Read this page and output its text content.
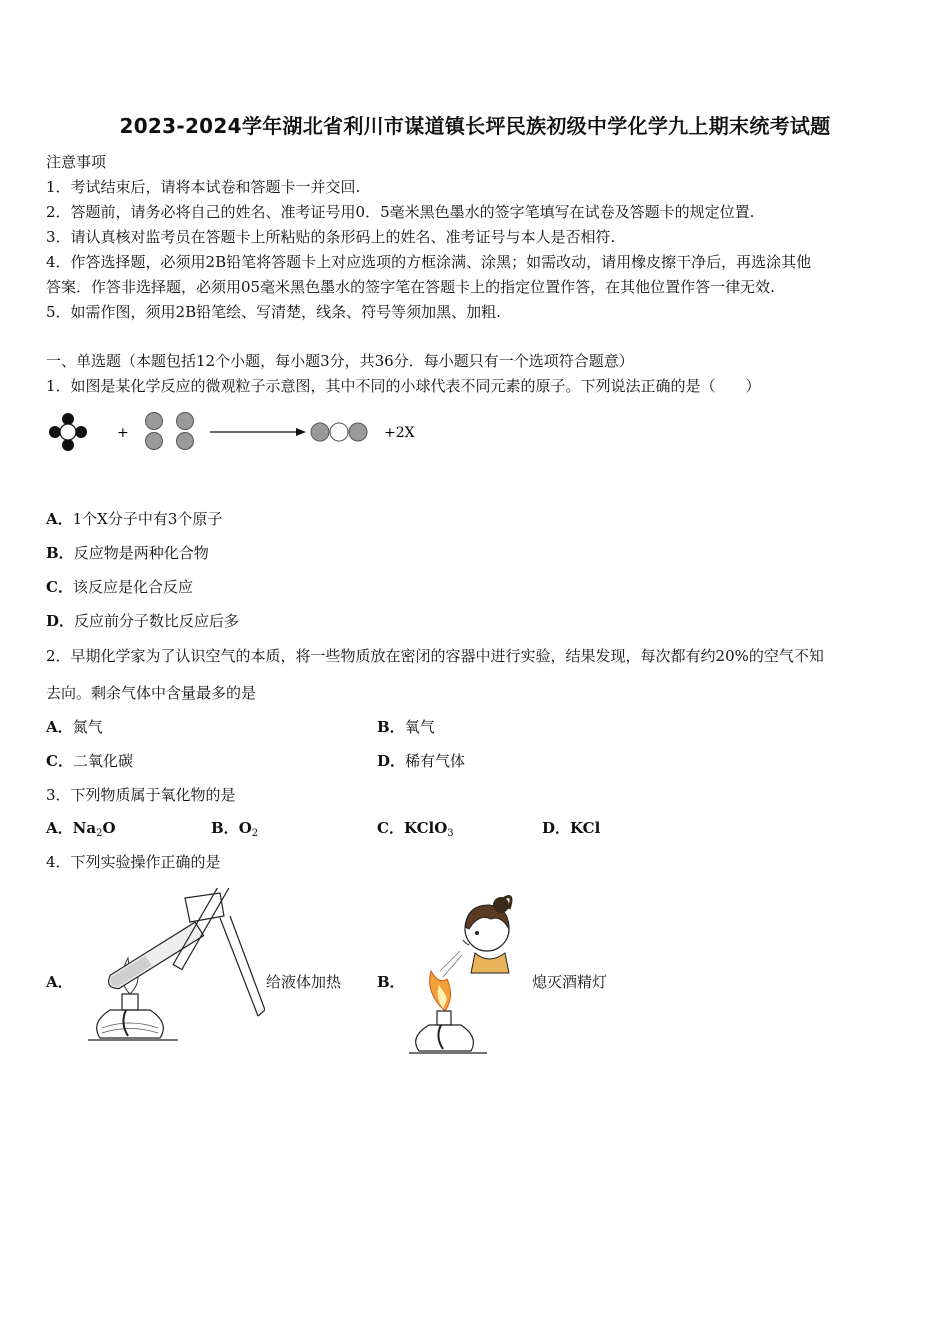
2023-2024学年湖北省利川市谋道镇长坪民族初级中学化学九上期末统考试题
注意事项
1．考试结束后，请将本试卷和答题卡一并交回.
2．答题前，请务必将自己的姓名、准考证号用0．5毫米黑色墨水的签字笔填写在试卷及答题卡的规定位置.
3．请认真核对监考员在答题卡上所粘贴的条形码上的姓名、准考证号与本人是否相符.
4．作答选择题，必须用2B铅笔将答题卡上对应选项的方框涂满、涂黑；如需改动，请用橡皮擦干净后，再选涂其他
答案．作答非选择题，必须用05毫米黑色墨水的签字笔在答题卡上的指定位置作答，在其他位置作答一律无效.
5．如需作图，须用2B铅笔绘、写清楚，线条、符号等须加黑、加粗.
一、单选题（本题包括12个小题，每小题3分，共36分．每小题只有一个选项符合题意）
1．如图是某化学反应的微观粒子示意图，其中不同的小球代表不同元素的原子。下列说法正确的是（　　）
+	+2X
A．1个X分子中有3个原子
B．反应物是两种化合物
C．该反应是化合反应
D．反应前分子数比反应后多
2．早期化学家为了认识空气的本质，将一些物质放在密闭的容器中进行实验，结果发现，每次都有约20%的空气不知
去向。剩余气体中含量最多的是
A．氮气	B．氧气
C．二氧化碳	D．稀有气体
3．下列物质属于氧化物的是
A．$Na_2O$	B．$O_2$	C．KClO$_3$	D．KCl
4．下列实验操作正确的是
A．	给液体加热 B．	熄灭酒精灯
